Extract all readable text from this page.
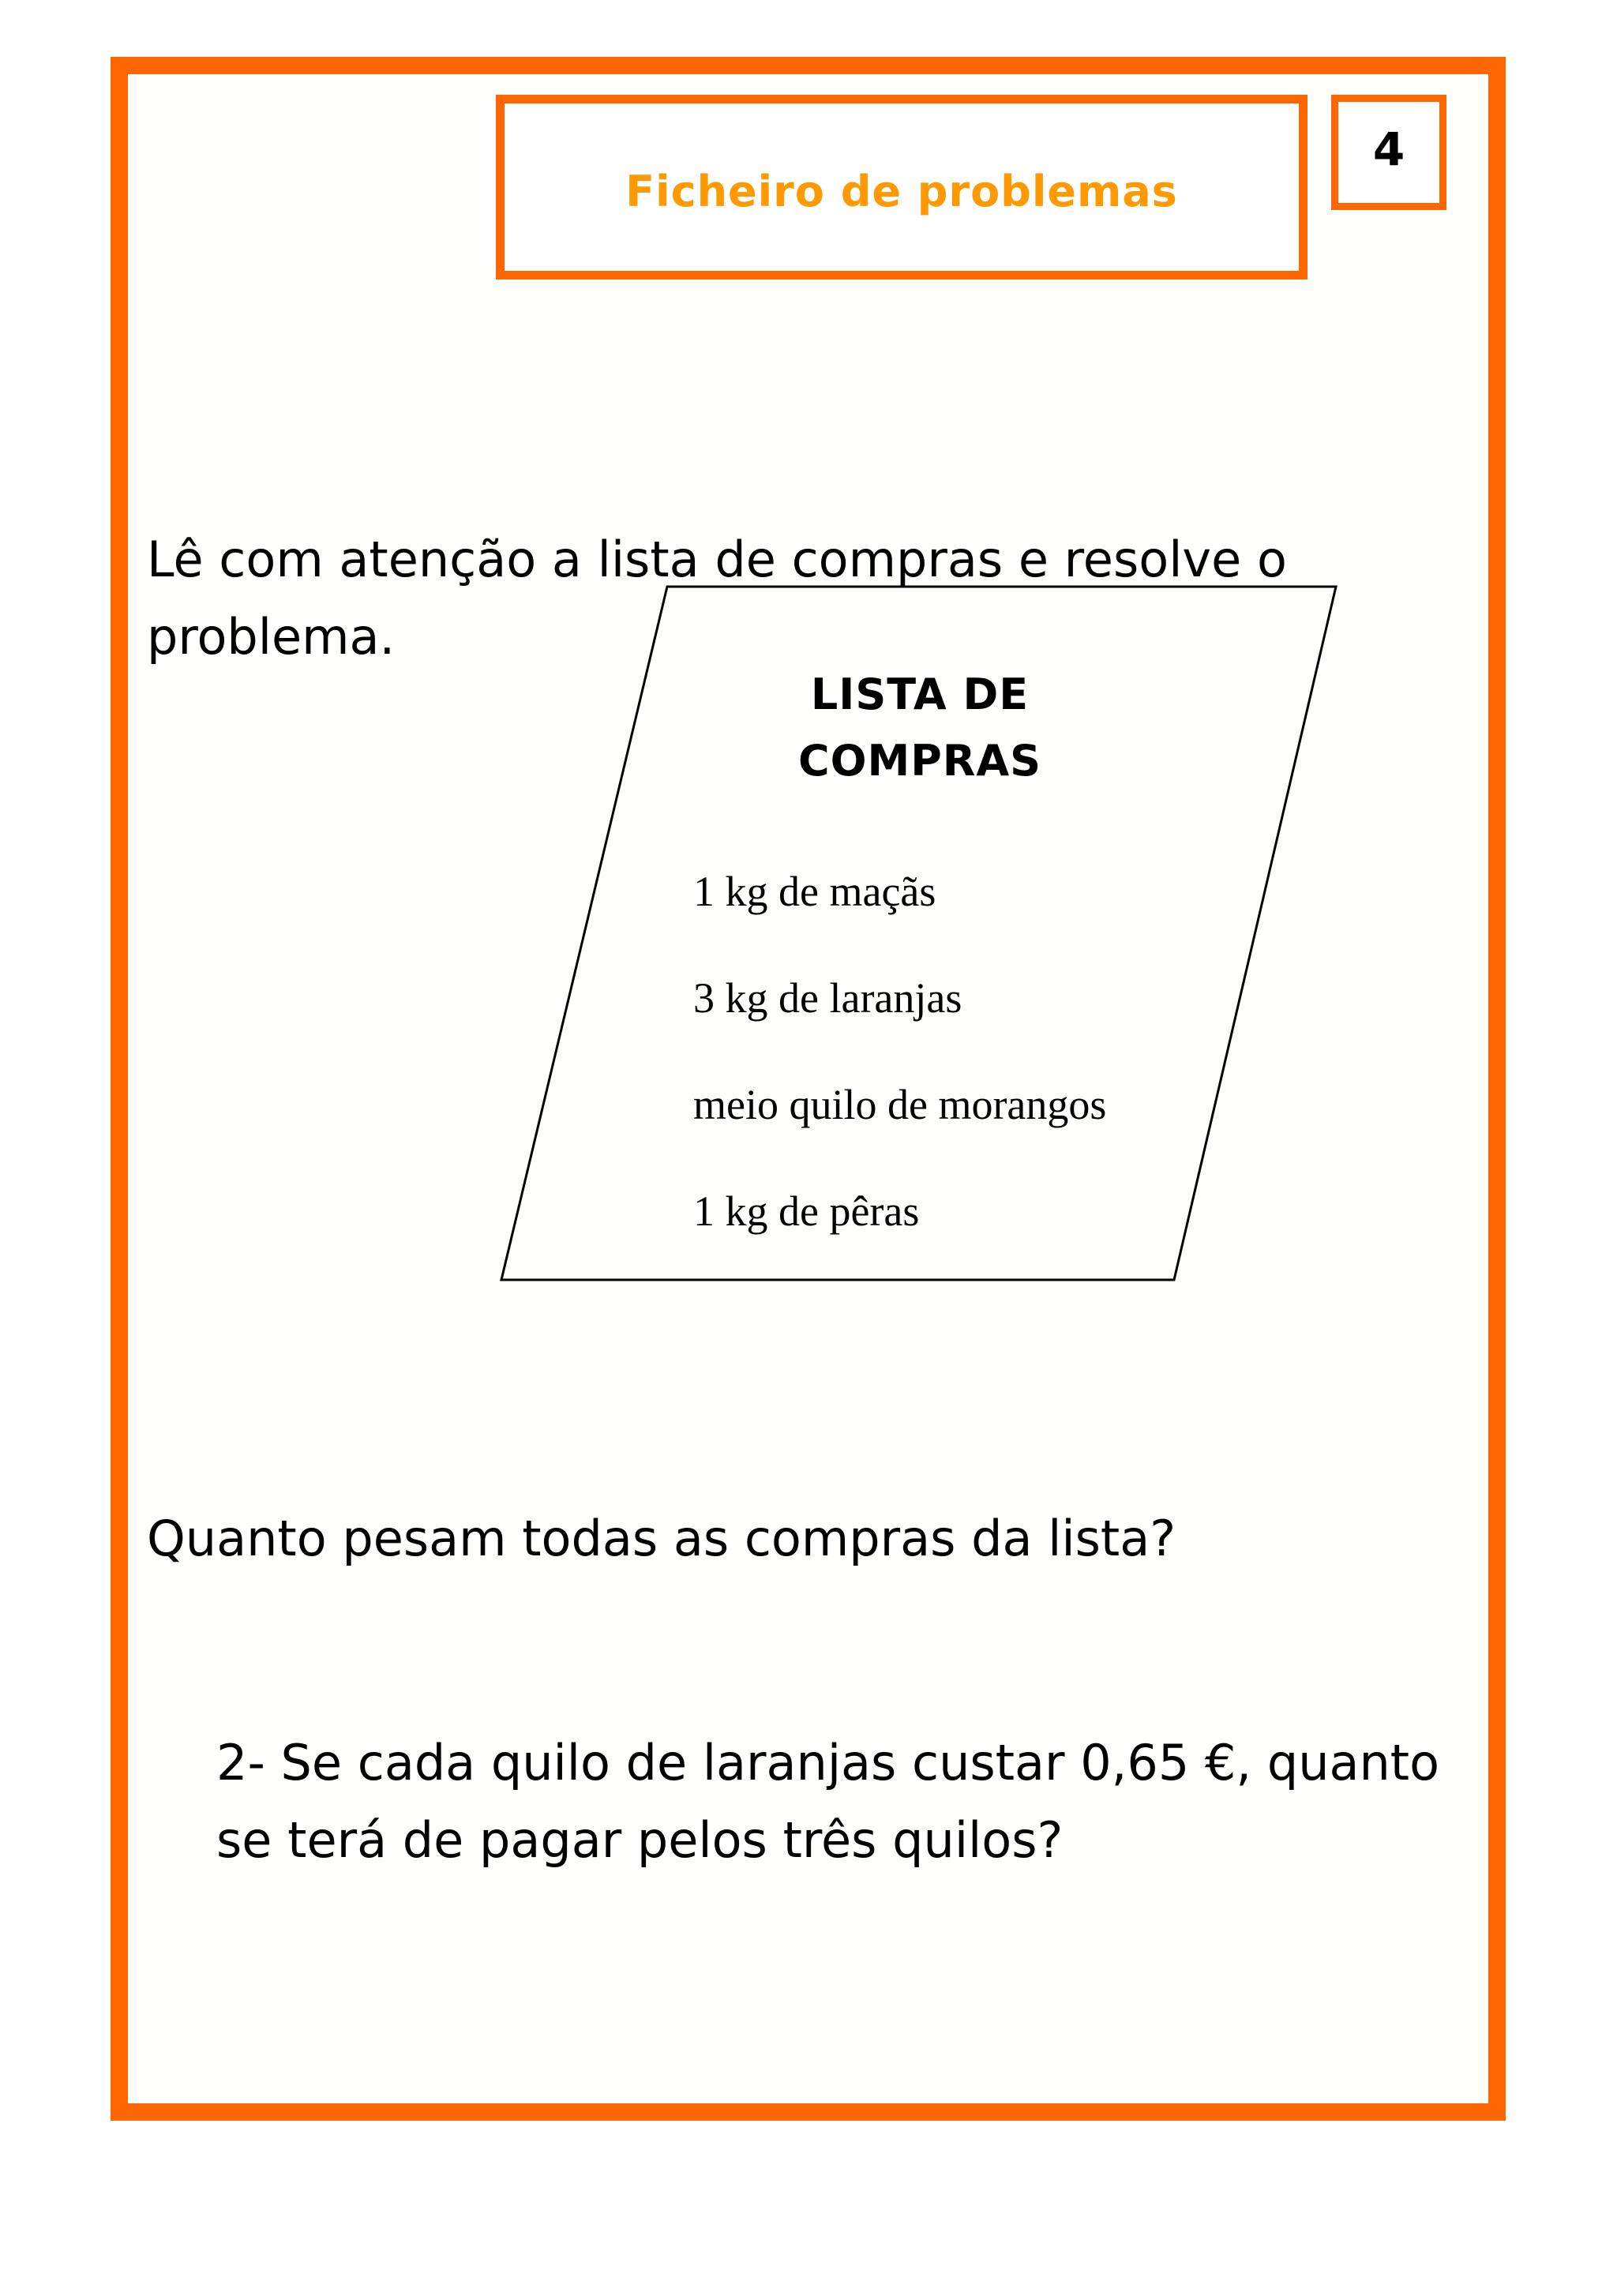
Ficheiro de problemas
4

Lê com atenção a lista de compras e resolve o problema.

LISTA DE
COMPRAS
1 kg de maçãs
3 kg de laranjas
meio quilo de morangos
1 kg de pêras

Quanto pesam todas as compras da lista?

2- Se cada quilo de laranjas custar 0,65 €, quanto se terá de pagar pelos três quilos?
